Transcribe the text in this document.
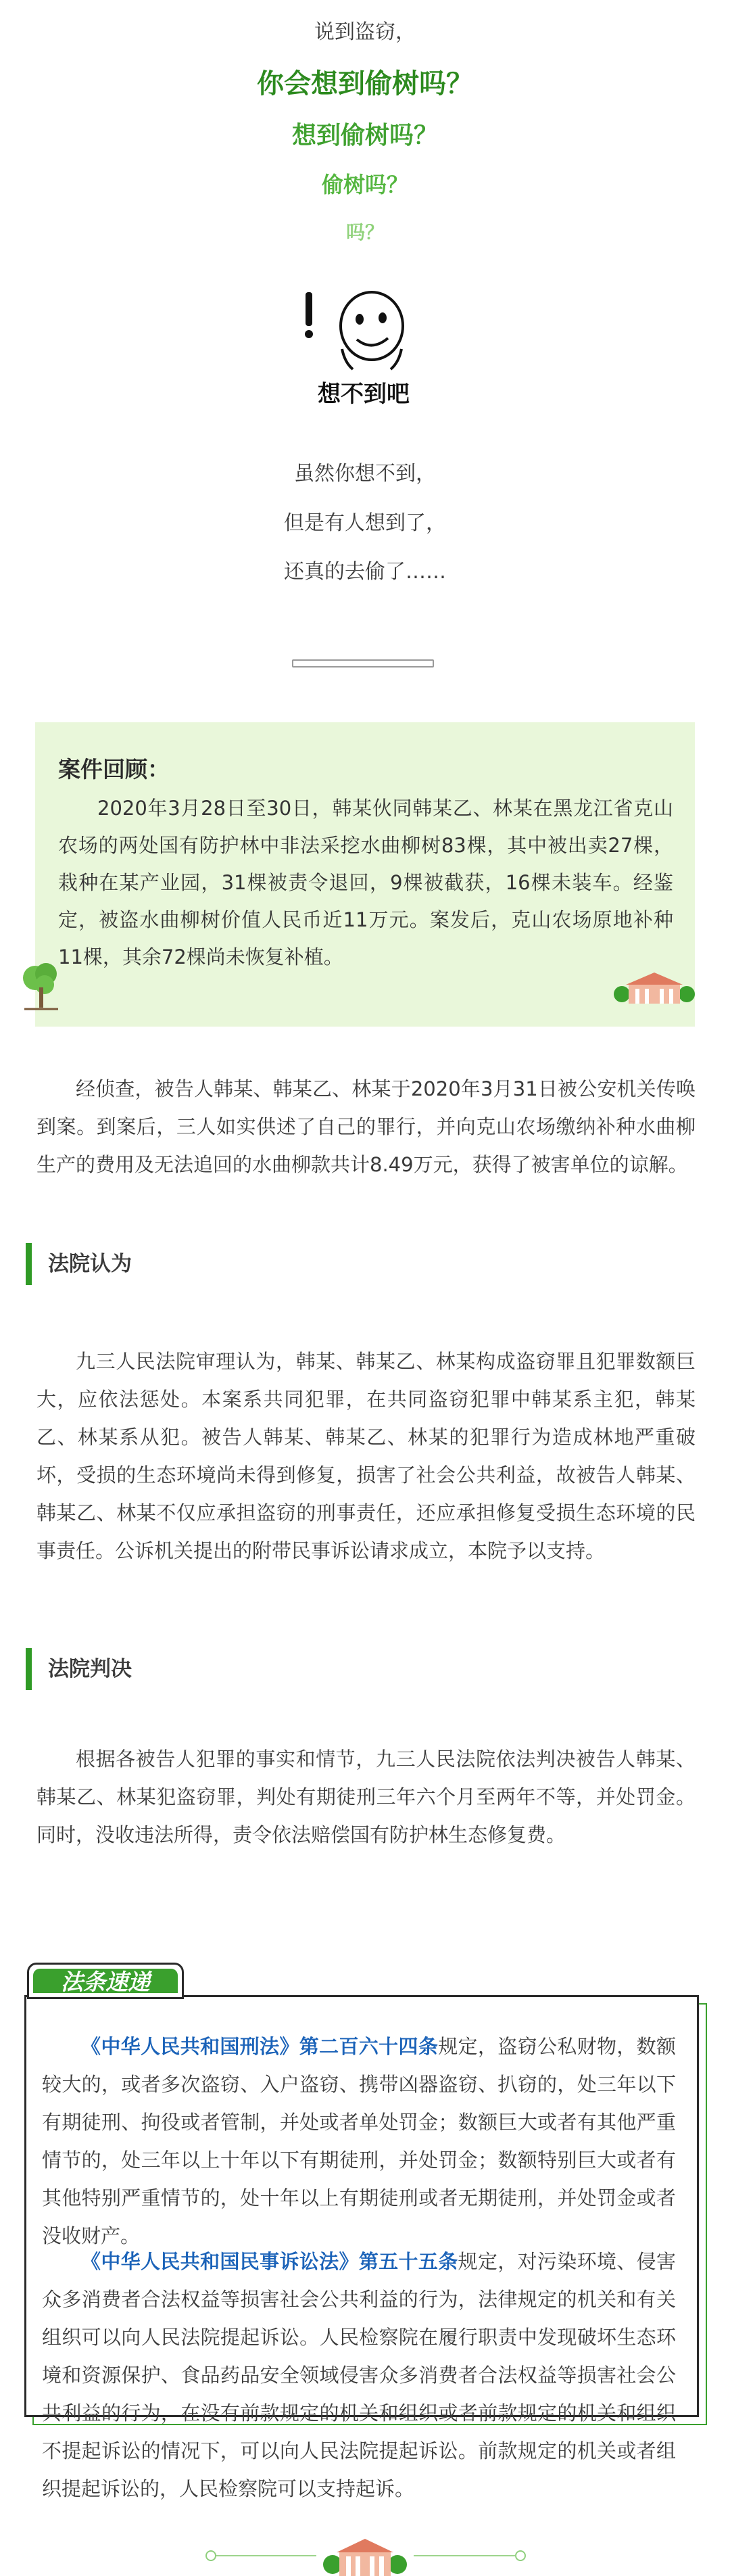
说到盗窃，
你会想到偷树吗？
想到偷树吗？
偷树吗？
吗？
想不到吧
虽然你想不到，
但是有人想到了，
还真的去偷了……
案件回顾：
2020年3月28日至30日，韩某伙同韩某乙、林某在黑龙江省克山农场的两处国有防护林中非法采挖水曲柳树83棵，其中被出卖27棵，栽种在某产业园，31棵被责令退回，9棵被截获，16棵未装车。经鉴定，被盗水曲柳树价值人民币近11万元。案发后，克山农场原地补种11棵，其余72棵尚未恢复补植。
经侦查，被告人韩某、韩某乙、林某于2020年3月31日被公安机关传唤到案。到案后，三人如实供述了自己的罪行，并向克山农场缴纳补种水曲柳生产的费用及无法追回的水曲柳款共计8.49万元，获得了被害单位的谅解。
法院认为
九三人民法院审理认为，韩某、韩某乙、林某构成盗窃罪且犯罪数额巨大，应依法惩处。本案系共同犯罪，在共同盗窃犯罪中韩某系主犯，韩某乙、林某系从犯。被告人韩某、韩某乙、林某的犯罪行为造成林地严重破坏，受损的生态环境尚未得到修复，损害了社会公共利益，故被告人韩某、韩某乙、林某不仅应承担盗窃的刑事责任，还应承担修复受损生态环境的民事责任。公诉机关提出的附带民事诉讼请求成立，本院予以支持。
法院判决
根据各被告人犯罪的事实和情节，九三人民法院依法判决被告人韩某、韩某乙、林某犯盗窃罪，判处有期徒刑三年六个月至两年不等，并处罚金。同时，没收违法所得，责令依法赔偿国有防护林生态修复费。
法条速递
《中华人民共和国刑法》第二百六十四条规定，盗窃公私财物，数额较大的，或者多次盗窃、入户盗窃、携带凶器盗窃、扒窃的，处三年以下有期徒刑、拘役或者管制，并处或者单处罚金；数额巨大或者有其他严重情节的，处三年以上十年以下有期徒刑，并处罚金；数额特别巨大或者有其他特别严重情节的，处十年以上有期徒刑或者无期徒刑，并处罚金或者没收财产。
《中华人民共和国民事诉讼法》第五十五条规定，对污染环境、侵害众多消费者合法权益等损害社会公共利益的行为，法律规定的机关和有关组织可以向人民法院提起诉讼。人民检察院在履行职责中发现破坏生态环境和资源保护、食品药品安全领域侵害众多消费者合法权益等损害社会公共利益的行为，在没有前款规定的机关和组织或者前款规定的机关和组织不提起诉讼的情况下，可以向人民法院提起诉讼。前款规定的机关或者组织提起诉讼的，人民检察院可以支持起诉。
